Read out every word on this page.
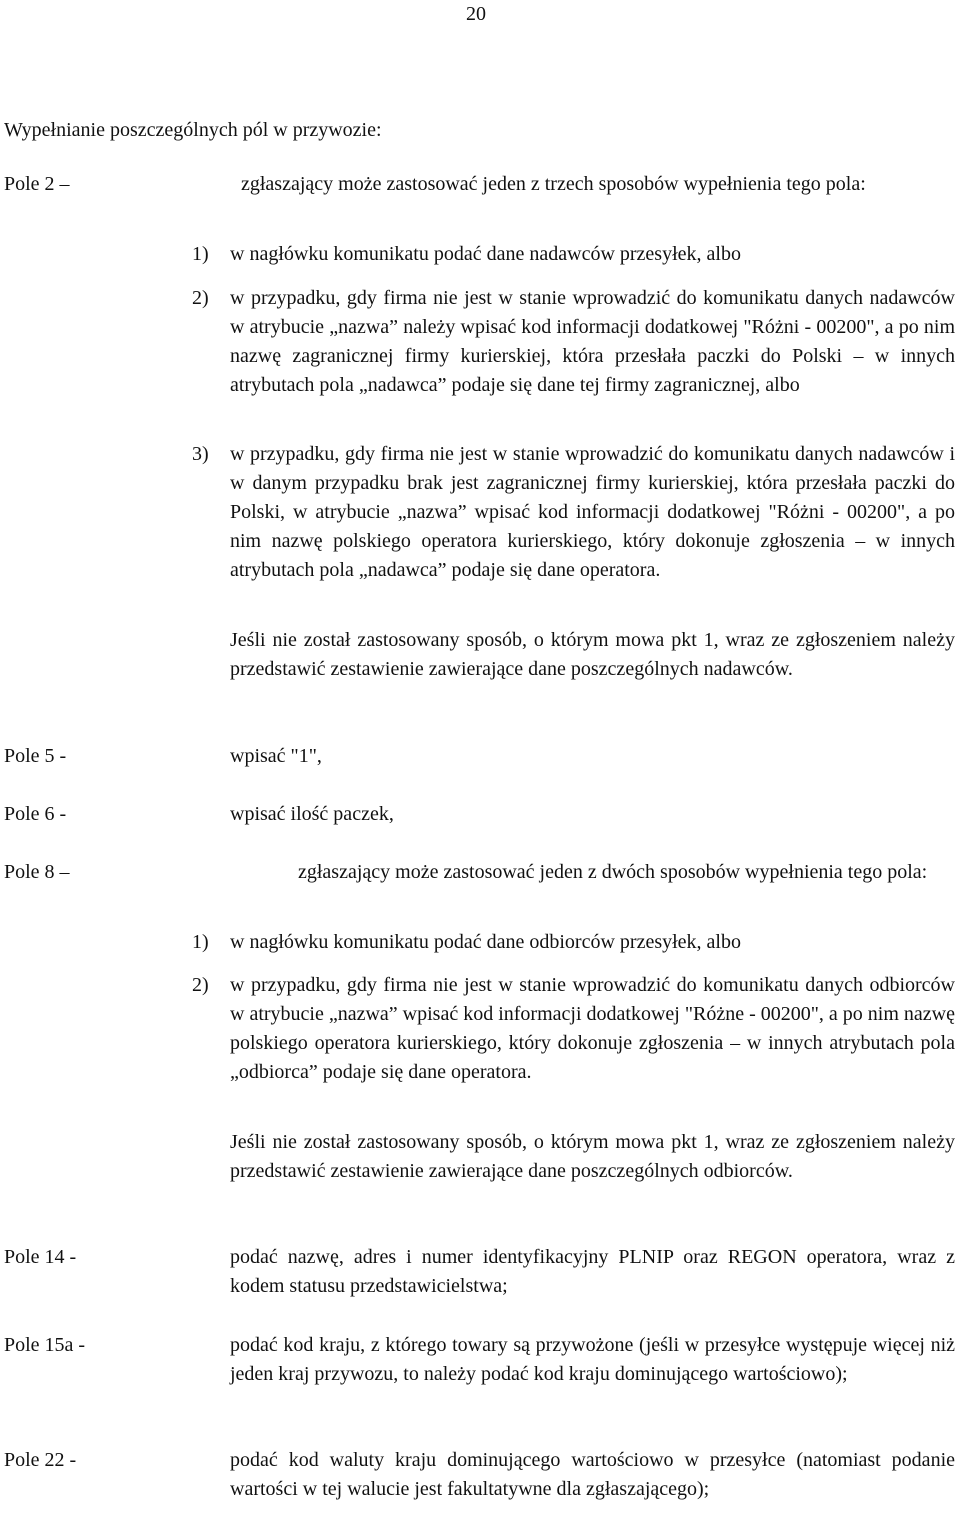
20
Wypełnianie poszczególnych pól w przywozie:
Pole 2 –	zgłaszający może zastosować jeden z trzech sposobów wypełnienia tego pola:
1) w nagłówku komunikatu podać dane nadawców przesyłek, albo
2) w przypadku, gdy firma nie jest w stanie wprowadzić do komunikatu danych nadawców w atrybucie „nazwa” należy wpisać kod informacji dodatkowej "Różni - 00200", a po nim nazwę zagranicznej firmy kurierskiej, która przesłała paczki do Polski – w innych atrybutach pola „nadawca” podaje się dane tej firmy zagranicznej, albo
3) w przypadku, gdy firma nie jest w stanie wprowadzić do komunikatu danych nadawców i w danym przypadku brak jest zagranicznej firmy kurierskiej, która przesłała paczki do Polski, w atrybucie „nazwa” wpisać kod informacji dodatkowej "Różni - 00200", a po nim nazwę polskiego operatora kurierskiego, który dokonuje zgłoszenia – w innych atrybutach pola „nadawca” podaje się dane operatora.
Jeśli nie został zastosowany sposób, o którym mowa pkt 1, wraz ze zgłoszeniem należy przedstawić zestawienie zawierające dane poszczególnych nadawców.
Pole 5 -	wpisać "1",
Pole 6 -	wpisać ilość paczek,
Pole 8 –	zgłaszający może zastosować jeden z dwóch sposobów wypełnienia tego pola:
1) w nagłówku komunikatu podać dane odbiorców przesyłek, albo
2) w przypadku, gdy firma nie jest w stanie wprowadzić do komunikatu danych odbiorców w atrybucie „nazwa” wpisać kod informacji dodatkowej "Różne - 00200", a po nim nazwę polskiego operatora kurierskiego, który dokonuje zgłoszenia – w innych atrybutach pola „odbiorca” podaje się dane operatora.
Jeśli nie został zastosowany sposób, o którym mowa pkt 1, wraz ze zgłoszeniem należy przedstawić zestawienie zawierające dane poszczególnych odbiorców.
Pole 14 -	podać nazwę, adres i numer identyfikacyjny PLNIP oraz REGON operatora, wraz z kodem statusu przedstawicielstwa;
Pole 15a -	podać kod kraju, z którego towary są przywożone (jeśli w przesyłce występuje więcej niż jeden kraj przywozu, to należy podać kod kraju dominującego wartościowo);
Pole 22 -	podać kod waluty kraju dominującego wartościowo w przesyłce (natomiast podanie wartości w tej walucie jest fakultatywne dla zgłaszającego);
